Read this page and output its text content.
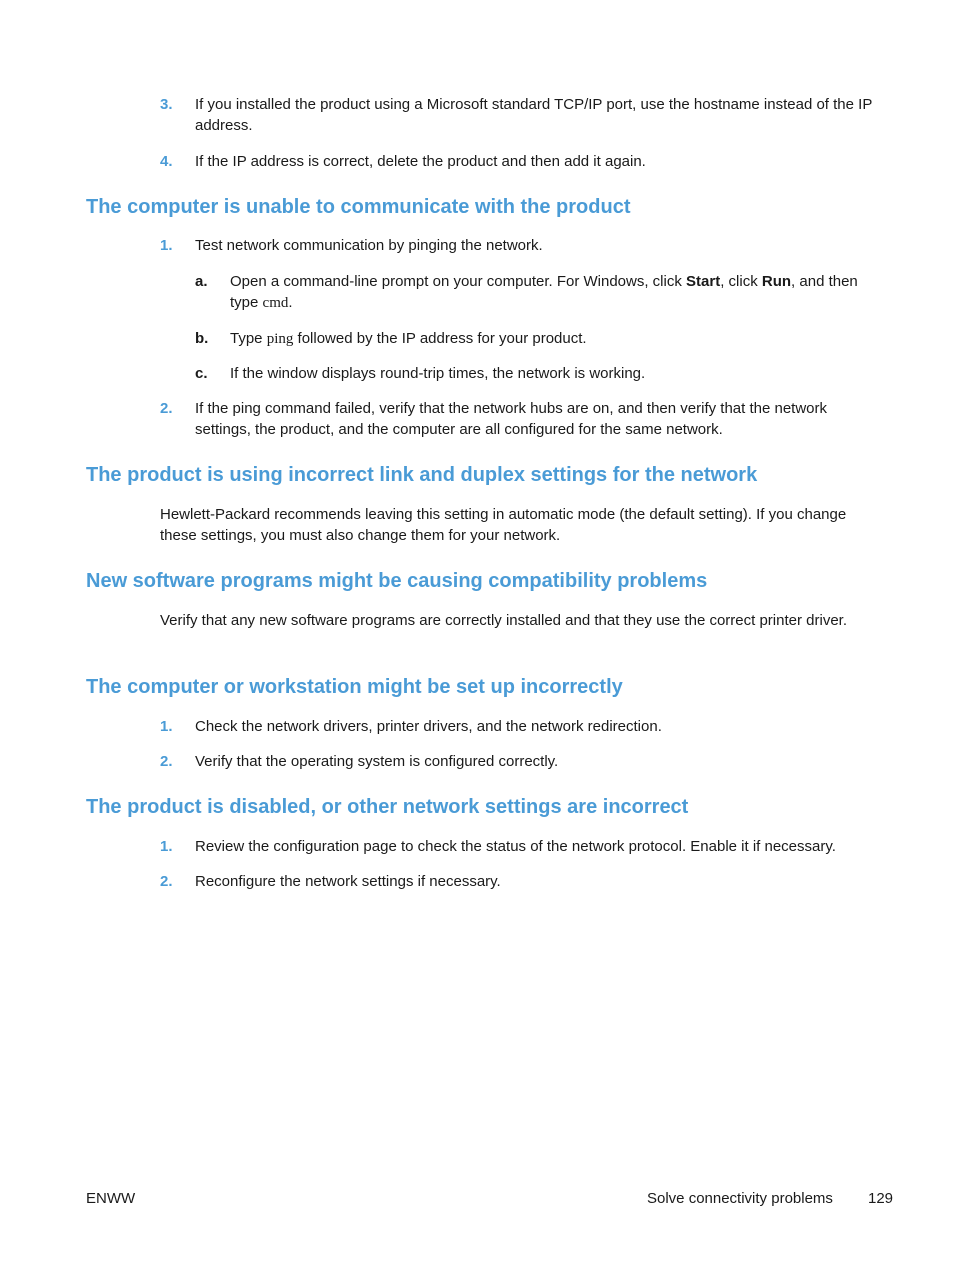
3. If you installed the product using a Microsoft standard TCP/IP port, use the hostname instead of the IP address.
4. If the IP address is correct, delete the product and then add it again.
The computer is unable to communicate with the product
1. Test network communication by pinging the network.
a. Open a command-line prompt on your computer. For Windows, click Start, click Run, and then type cmd.
b. Type ping followed by the IP address for your product.
c. If the window displays round-trip times, the network is working.
2. If the ping command failed, verify that the network hubs are on, and then verify that the network settings, the product, and the computer are all configured for the same network.
The product is using incorrect link and duplex settings for the network
Hewlett-Packard recommends leaving this setting in automatic mode (the default setting). If you change these settings, you must also change them for your network.
New software programs might be causing compatibility problems
Verify that any new software programs are correctly installed and that they use the correct printer driver.
The computer or workstation might be set up incorrectly
1. Check the network drivers, printer drivers, and the network redirection.
2. Verify that the operating system is configured correctly.
The product is disabled, or other network settings are incorrect
1. Review the configuration page to check the status of the network protocol. Enable it if necessary.
2. Reconfigure the network settings if necessary.
ENWW	Solve connectivity problems 129
